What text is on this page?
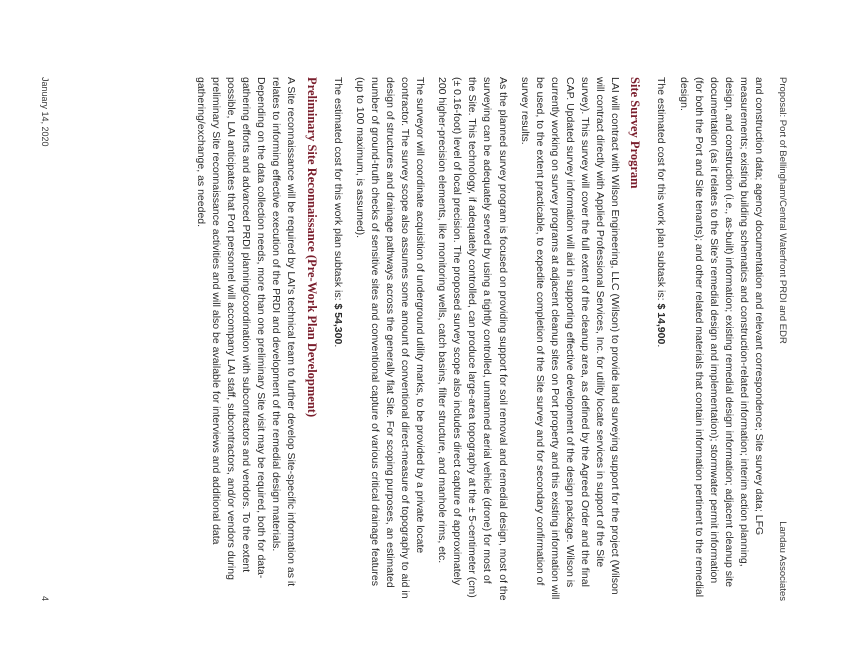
Proposal: Port of Bellingham/Central Waterfront PRDI and EDR
Landau Associates

and construction data; agency documentation and relevant correspondence; Site survey data; LFG measurements; existing building schematics and construction-related information; interim action planning, design, and construction (i.e., as-built) information; existing remedial design information; adjacent cleanup site documentation (as it relates to the Site's remedial design and implementation); stormwater permit information (for both the Port and Site tenants); and other related materials that contain information pertinent to the remedial design.

The estimated cost for this work plan subtask is: $ 14,900.

Site Survey Program

LAI will contract with Wilson Engineering, LLC (Wilson) to provide land surveying support for the project (Wilson will contract directly with Applied Professional Services, Inc. for utility locate services in support of the Site survey). This survey will cover the full extent of the cleanup area, as defined by the Agreed Order and the final CAP. Updated survey information will aid in supporting effective development of the design package. Wilson is currently working on survey programs at adjacent cleanup sites on Port property and this existing information will be used, to the extent practicable, to expedite completion of the Site survey and for secondary confirmation of survey results.

As the planned survey program is focused on providing support for soil removal and remedial design, most of the surveying can be adequately served by using a tightly controlled, unmanned aerial vehicle (drone) for most of the Site. This technology, if adequately controlled, can produce large-area topography at the ± 5-centimeter (cm) (± 0.16-foot) level of local precision. The proposed survey scope also includes direct capture of approximately 200 higher-precision elements, like monitoring wells, catch basins, filter structure, and manhole rims, etc.

The surveyor will coordinate acquisition of underground utility marks, to be provided by a private locate contractor. The survey scope also assumes some amount of conventional direct-measure of topography to aid in design of structures and drainage pathways across the generally flat Site. For scoping purposes, an estimated number of ground-truth checks of sensitive sites and conventional capture of various critical drainage features (up to 100 maximum, is assumed).

The estimated cost for this work plan subtask is: $ 54,300.

Preliminary Site Reconnaissance (Pre-Work Plan Development)

A Site reconnaissance will be required by LAI's technical team to further develop Site-specific information as it relates to informing effective execution of the PRDI and development of the remedial design materials. Depending on the data collection needs, more than one preliminary Site visit may be required, both for data-gathering efforts and advanced PRDI planning/coordination with subcontractors and vendors. To the extent possible, LAI anticipates that Port personnel will accompany LAI staff, subcontractors, and/or vendors during preliminary Site reconnaissance activities and will also be available for interviews and additional data gathering/exchange, as needed.

January 14, 2020
4
